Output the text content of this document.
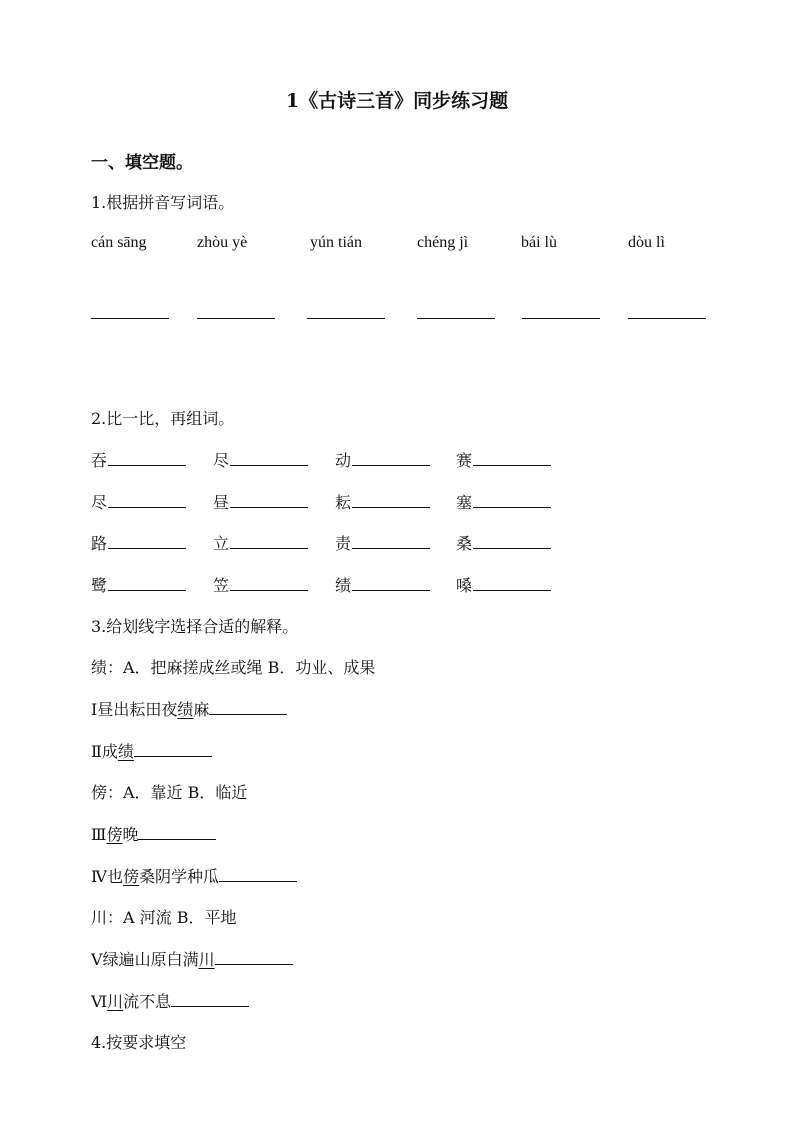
1《古诗三首》同步练习题
一、填空题。
1.根据拼音写词语。
cán sāng	zhòu yè	yún tián	chéng jì	bái lù	dòu lì
2.比一比，再组词。
吞	尽	动	赛
尽	昼	耘	塞
路	立	责	桑
鹭	笠	绩	嗓
3.给划线字选择合适的解释。
绩：A．把麻搓成丝或绳 B．功业、成果
Ⅰ昼出耘田夜绩麻
Ⅱ成绩
傍：A．靠近 B．临近
Ⅲ傍晚
Ⅳ也傍桑阴学种瓜
川：A 河流 B．平地
Ⅴ绿遍山原白满川
Ⅵ川流不息
4.按要求填空
